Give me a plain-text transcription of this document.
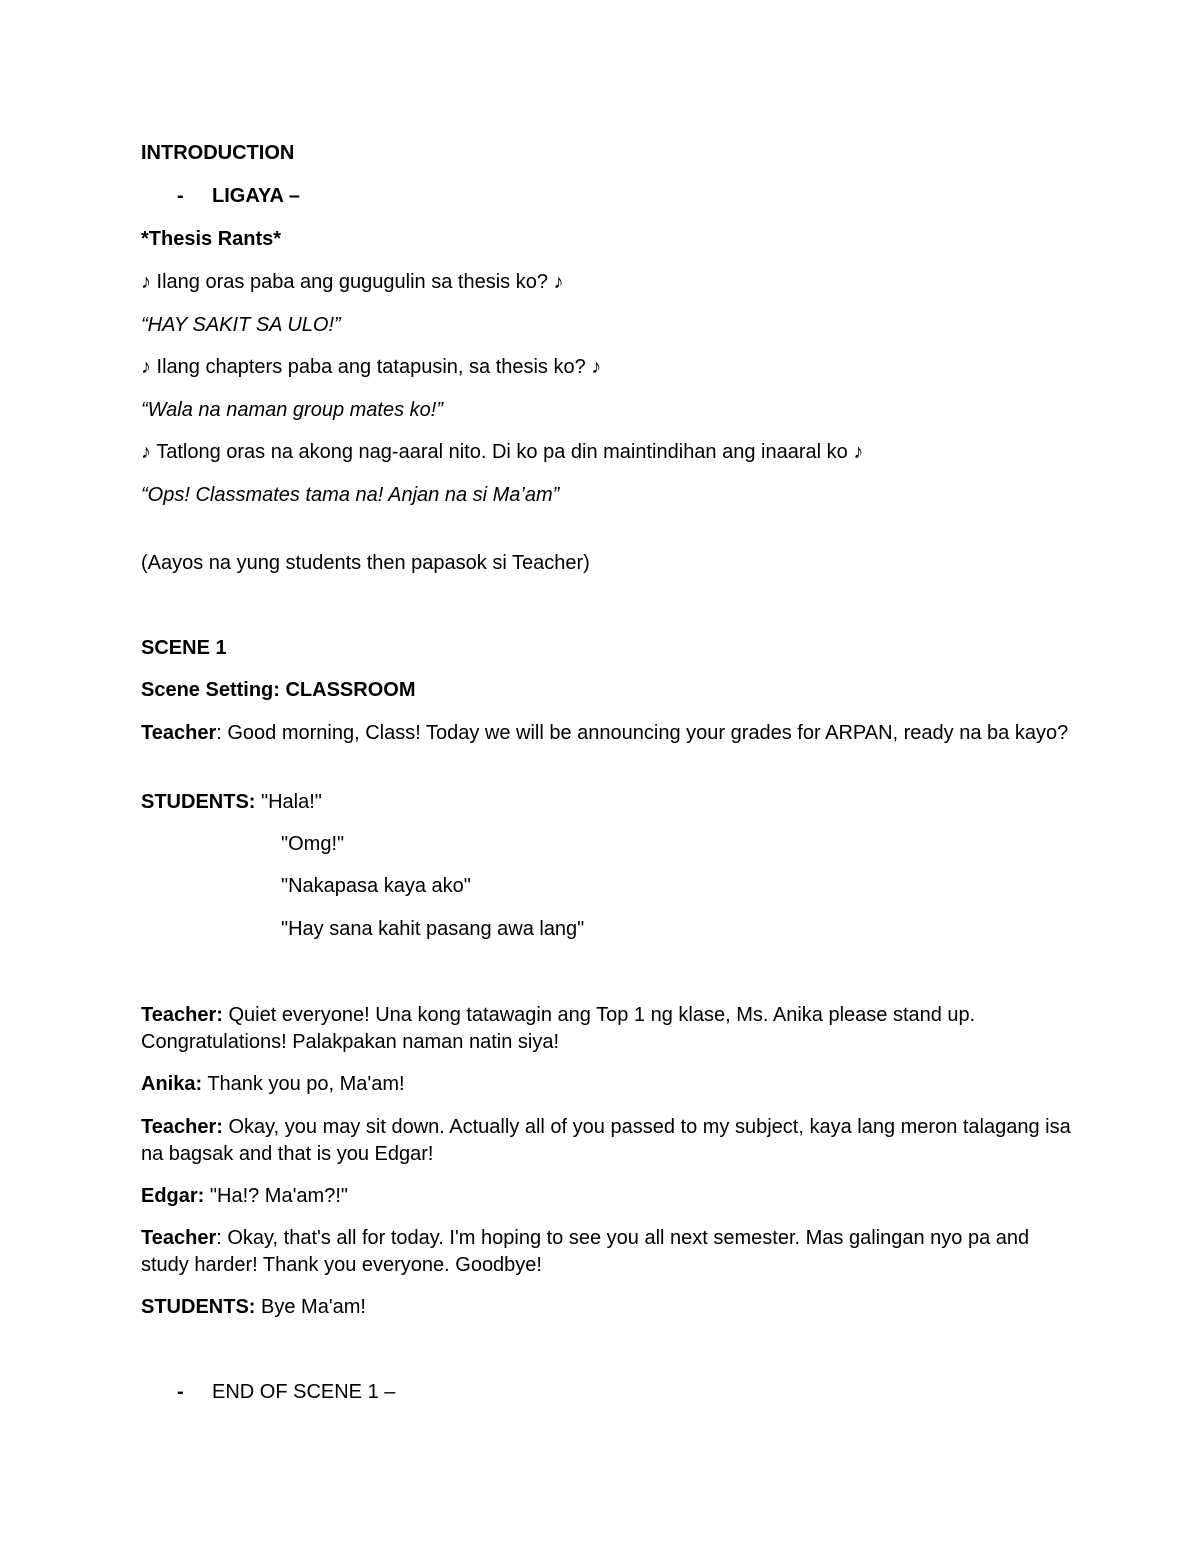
INTRODUCTION
- LIGAYA –
*Thesis Rants*
♪ Ilang oras paba ang gugugulin sa thesis ko? ♪
“HAY SAKIT SA ULO!”
♪ Ilang chapters paba ang tatapusin, sa thesis ko? ♪
“Wala na naman group mates ko!”
♪ Tatlong oras na akong nag-aaral nito. Di ko pa din maintindihan ang inaaral ko ♪
“Ops! Classmates tama na! Anjan na si Ma’am”
(Aayos na yung students then papasok si Teacher)
SCENE 1
Scene Setting: CLASSROOM
Teacher: Good morning, Class! Today we will be announcing your grades for ARPAN, ready na ba kayo?
STUDENTS: "Hala!"
"Omg!"
"Nakapasa kaya ako"
"Hay sana kahit pasang awa lang"
Teacher: Quiet everyone! Una kong tatawagin ang Top 1 ng klase, Ms. Anika please stand up. Congratulations! Palakpakan naman natin siya!
Anika: Thank you po, Ma'am!
Teacher: Okay, you may sit down. Actually all of you passed to my subject, kaya lang meron talagang isa na bagsak and that is you Edgar!
Edgar: "Ha!? Ma'am?!"
Teacher: Okay, that's all for today. I'm hoping to see you all next semester. Mas galingan nyo pa and study harder! Thank you everyone. Goodbye!
STUDENTS: Bye Ma'am!
- END OF SCENE 1 –
